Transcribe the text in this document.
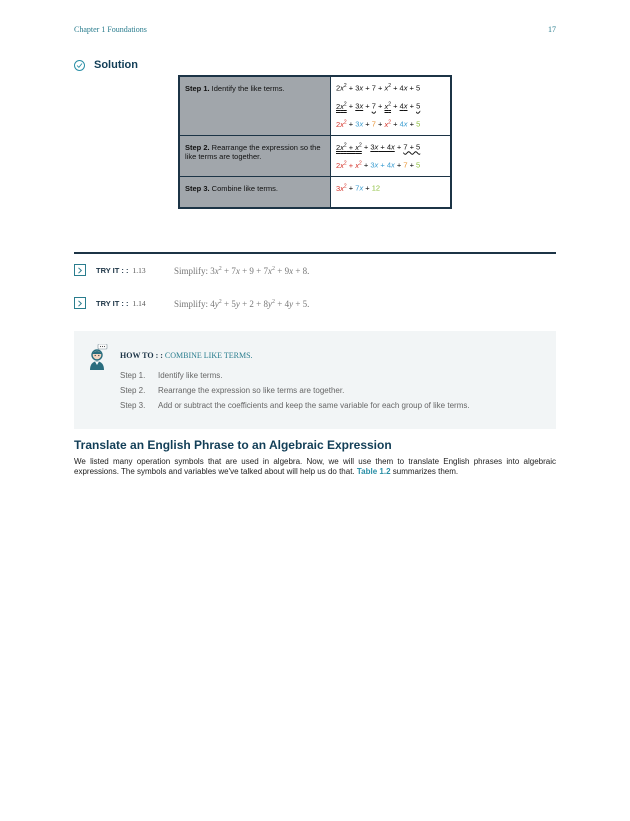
Chapter 1 Foundations	17
Solution
Step 1. Identify the like terms.	$2x^2 + 3x + 7 + x^2 + 4x + 5$
$2x^2 + 3x + 7 + x^2 + 4x + 5$
$2x^2 + 3x + 7 + x^2 + 4x + 5$

Step 2. Rearrange the expression so the like terms are together.	$2x^2 + x^2 + 3x + 4x + 7 + 5$
$2x^2 + x^2 + 3x + 4x + 7 + 5$

Step 3. Combine like terms.	$3x^2 + 7x + 12$
TRY IT : : 1.13	Simplify: $3x^2 + 7x + 9 + 7x^2 + 9x + 8$.
TRY IT : : 1.14	Simplify: $4y^2 + 5y + 2 + 8y^2 + 4y + 5$.
HOW TO : : COMBINE LIKE TERMS.
Step 1. Identify like terms.
Step 2. Rearrange the expression so like terms are together.
Step 3. Add or subtract the coefficients and keep the same variable for each group of like terms.
Translate an English Phrase to an Algebraic Expression
We listed many operation symbols that are used in algebra. Now, we will use them to translate English phrases into algebraic expressions. The symbols and variables we've talked about will help us do that. Table 1.2 summarizes them.
